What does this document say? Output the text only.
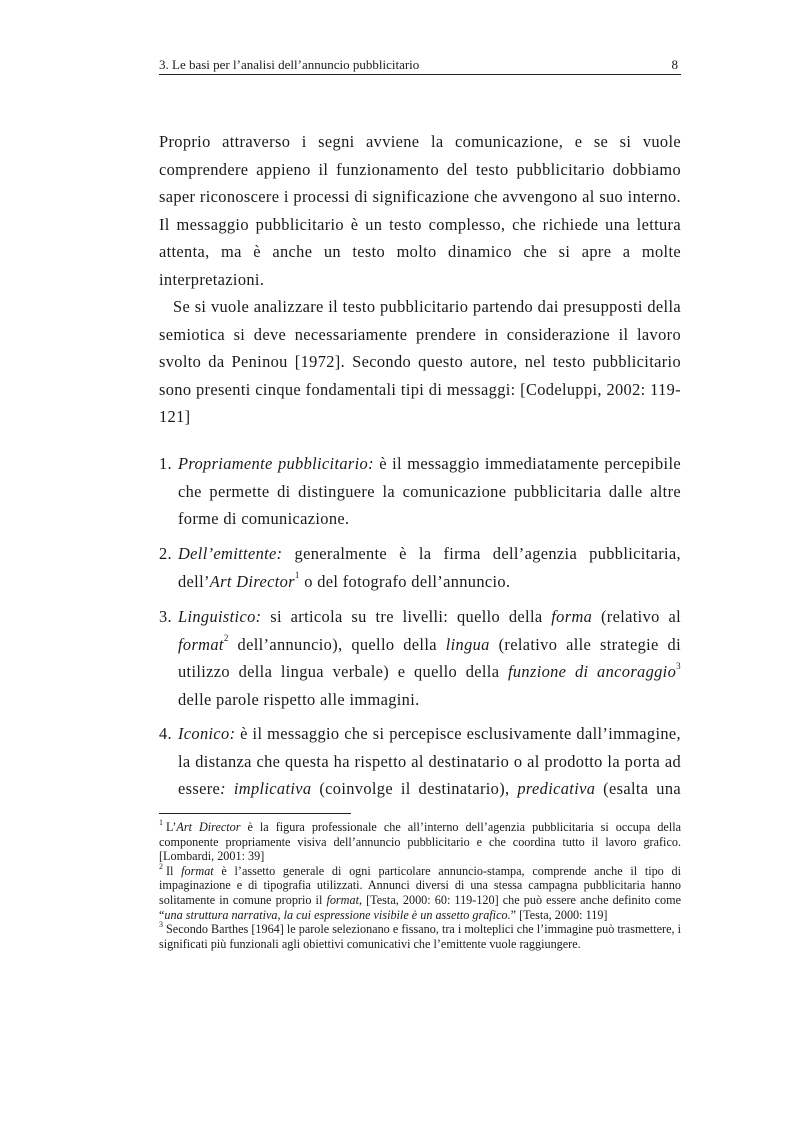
3. Le basi per l’analisi dell’annuncio pubblicitario	8

Proprio attraverso i segni avviene la comunicazione, e se si vuole comprendere appieno il funzionamento del testo pubblicitario dobbiamo saper riconoscere i processi di significazione che avvengono al suo interno. Il messaggio pubblicitario è un testo complesso, che richiede una lettura attenta, ma è anche un testo molto dinamico che si apre a molte interpretazioni.

Se si vuole analizzare il testo pubblicitario partendo dai presupposti della semiotica si deve necessariamente prendere in considerazione il lavoro svolto da Peninou [1972]. Secondo questo autore, nel testo pubblicitario sono presenti cinque fondamentali tipi di messaggi: [Codeluppi, 2002: 119-121]

1. Propriamente pubblicitario: è il messaggio immediatamente percepibile che permette di distinguere la comunicazione pubblicitaria dalle altre forme di comunicazione.
2. Dell’emittente: generalmente è la firma dell’agenzia pubblicitaria, dell’Art Director$^1$ o del fotografo dell’annuncio.
3. Linguistico: si articola su tre livelli: quello della forma (relativo al format$^2$ dell’annuncio), quello della lingua (relativo alle strategie di utilizzo della lingua verbale) e quello della funzione di ancoraggio$^3$ delle parole rispetto alle immagini.
4. Iconico: è il messaggio che si percepisce esclusivamente dall’immagine, la distanza che questa ha rispetto al destinatario o al prodotto la porta ad essere: implicativa (coinvolge il destinatario), predicativa (esalta una

$^1$ L’Art Director è la figura professionale che all’interno dell’agenzia pubblicitaria si occupa della componente propriamente visiva dell’annuncio pubblicitario e che coordina tutto il lavoro grafico. [Lombardi, 2001: 39]

$^2$ Il format è l’assetto generale di ogni particolare annuncio-stampa, comprende anche il tipo di impaginazione e di tipografia utilizzati. Annunci diversi di una stessa campagna pubblicitaria hanno solitamente in comune proprio il format, [Testa, 2000: 60: 119-120] che può essere anche definito come “una struttura narrativa, la cui espressione visibile è un assetto grafico.” [Testa, 2000: 119]

$^3$ Secondo Barthes [1964] le parole selezionano e fissano, tra i molteplici che l’immagine può trasmettere, i significati più funzionali agli obiettivi comunicativi che l’emittente vuole raggiungere.
